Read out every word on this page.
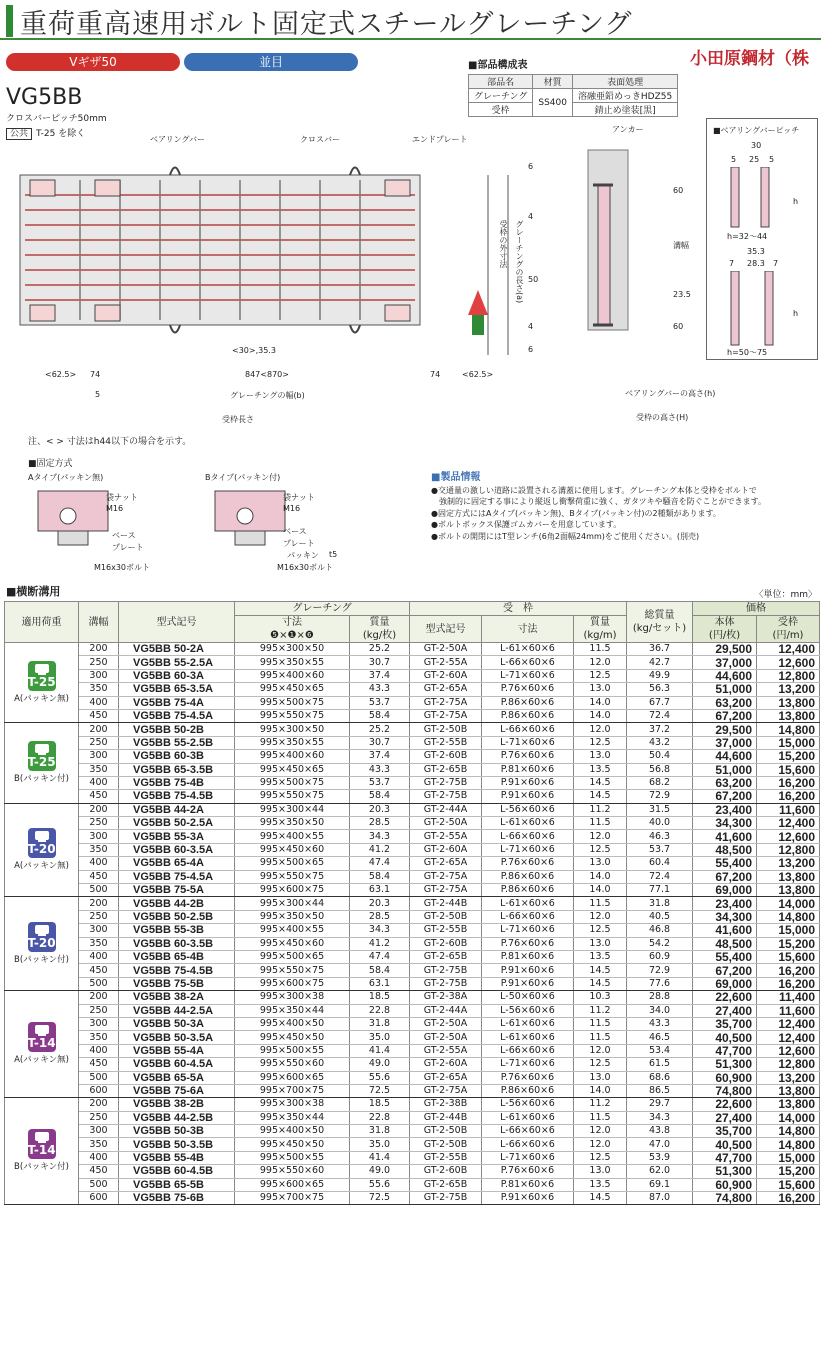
重荷重高速用ボルト固定式スチールグレーチング
Vギザ50	並目	小田原鋼材（株
VG5BB
クロスバーピッチ50mm
公共 T-25 を除く
■部品構成表
部品名	材質	表面処理
グレーチング	SS400	溶融亜鉛めっきHDZ55
受枠		錆止め塗装[黒]
ベアリングバー	クロスバー	エンドプレート
<30>,35.3
<62.5> 74	847<870>	74	<62.5>
5	グレーチングの幅(b)
受枠長さ
アンカー
6
4
50
4
6
60
溝幅
23.5
60
受枠の外寸法 グレーチングの長さ(a)
ベアリングバーの高さ(h)
受枠の高さ(H)
■ベアリングバーピッチ
30
5 25 5
h
h=32〜44
35.3
7 28.3 7
h
h=50〜75
注、< > 寸法はh44以下の場合を示す。
■固定方式
Aタイプ(パッキン無)
袋ナット
M16
ベース
プレート
M16x30ボルト
Bタイプ(パッキン付)
袋ナット
M16
ベース
プレート
パッキン t5
M16x30ボルト
■製品情報
●交通量の激しい道路に設置される溝蓋に使用します。グレーチング本体と受枠をボルトで
　強制的に固定する事により縦返し衝撃荷重に強く、ガタツキや騒音を防ぐことができます。
●固定方式にはAタイプ(パッキン無)、Bタイプ(パッキン付)の2種類があります。
●ボルトボックス保護ゴムカバーを用意しています。
●ボルトの開閉にはT型レンチ(6角2面幅24mm)をご使用ください。(別売)
■横断溝用	〈単位：mm〉
適用荷重	溝幅	型式記号	グレーチング		受　枠			総質量
(kg/セット)	価格	
			寸法
❺×❶×❻	質量
(kg/枚)	型式記号	寸法	質量
(kg/m)		本体
(円/枚)	受枠
(円/m)

T-25
A(パッキン無)	200	VG5BB 50-2A	995×300×50	25.2	GT-2-50A	L-61×60×6	11.5	36.7	29,500	12,400
	250	VG5BB 55-2.5A	995×350×55	30.7	GT-2-55A	L-66×60×6	12.0	42.7	37,000	12,600
	300	VG5BB 60-3A	995×400×60	37.4	GT-2-60A	L-71×60×6	12.5	49.9	44,600	12,800
	350	VG5BB 65-3.5A	995×450×65	43.3	GT-2-65A	P.76×60×6	13.0	56.3	51,000	13,200
	400	VG5BB 75-4A	995×500×75	53.7	GT-2-75A	P.86×60×6	14.0	67.7	63,200	13,800
	450	VG5BB 75-4.5A	995×550×75	58.4	GT-2-75A	P.86×60×6	14.0	72.4	67,200	13,800

T-25
B(パッキン付)	200	VG5BB 50-2B	995×300×50	25.2	GT-2-50B	L-66×60×6	12.0	37.2	29,500	14,800
	250	VG5BB 55-2.5B	995×350×55	30.7	GT-2-55B	L-71×60×6	12.5	43.2	37,000	15,000
	300	VG5BB 60-3B	995×400×60	37.4	GT-2-60B	P.76×60×6	13.0	50.4	44,600	15,200
	350	VG5BB 65-3.5B	995×450×65	43.3	GT-2-65B	P.81×60×6	13.5	56.8	51,000	15,600
	400	VG5BB 75-4B	995×500×75	53.7	GT-2-75B	P.91×60×6	14.5	68.2	63,200	16,200
	450	VG5BB 75-4.5B	995×550×75	58.4	GT-2-75B	P.91×60×6	14.5	72.9	67,200	16,200

T-20
A(パッキン無)	200	VG5BB 44-2A	995×300×44	20.3	GT-2-44A	L-56×60×6	11.2	31.5	23,400	11,600
	250	VG5BB 50-2.5A	995×350×50	28.5	GT-2-50A	L-61×60×6	11.5	40.0	34,300	12,400
	300	VG5BB 55-3A	995×400×55	34.3	GT-2-55A	L-66×60×6	12.0	46.3	41,600	12,600
	350	VG5BB 60-3.5A	995×450×60	41.2	GT-2-60A	L-71×60×6	12.5	53.7	48,500	12,800
	400	VG5BB 65-4A	995×500×65	47.4	GT-2-65A	P.76×60×6	13.0	60.4	55,400	13,200
	450	VG5BB 75-4.5A	995×550×75	58.4	GT-2-75A	P.86×60×6	14.0	72.4	67,200	13,800
	500	VG5BB 75-5A	995×600×75	63.1	GT-2-75A	P.86×60×6	14.0	77.1	69,000	13,800

T-20
B(パッキン付)	200	VG5BB 44-2B	995×300×44	20.3	GT-2-44B	L-61×60×6	11.5	31.8	23,400	14,000
	250	VG5BB 50-2.5B	995×350×50	28.5	GT-2-50B	L-66×60×6	12.0	40.5	34,300	14,800
	300	VG5BB 55-3B	995×400×55	34.3	GT-2-55B	L-71×60×6	12.5	46.8	41,600	15,000
	350	VG5BB 60-3.5B	995×450×60	41.2	GT-2-60B	P.76×60×6	13.0	54.2	48,500	15,200
	400	VG5BB 65-4B	995×500×65	47.4	GT-2-65B	P.81×60×6	13.5	60.9	55,400	15,600
	450	VG5BB 75-4.5B	995×550×75	58.4	GT-2-75B	P.91×60×6	14.5	72.9	67,200	16,200
	500	VG5BB 75-5B	995×600×75	63.1	GT-2-75B	P.91×60×6	14.5	77.6	69,000	16,200

T-14
A(パッキン無)	200	VG5BB 38-2A	995×300×38	18.5	GT-2-38A	L-50×60×6	10.3	28.8	22,600	11,400
	250	VG5BB 44-2.5A	995×350×44	22.8	GT-2-44A	L-56×60×6	11.2	34.0	27,400	11,600
	300	VG5BB 50-3A	995×400×50	31.8	GT-2-50A	L-61×60×6	11.5	43.3	35,700	12,400
	350	VG5BB 50-3.5A	995×450×50	35.0	GT-2-50A	L-61×60×6	11.5	46.5	40,500	12,400
	400	VG5BB 55-4A	995×500×55	41.4	GT-2-55A	L-66×60×6	12.0	53.4	47,700	12,600
	450	VG5BB 60-4.5A	995×550×60	49.0	GT-2-60A	L-71×60×6	12.5	61.5	51,300	12,800
	500	VG5BB 65-5A	995×600×65	55.6	GT-2-65A	P.76×60×6	13.0	68.6	60,900	13,200
	600	VG5BB 75-6A	995×700×75	72.5	GT-2-75A	P.86×60×6	14.0	86.5	74,800	13,800

T-14
B(パッキン付)	200	VG5BB 38-2B	995×300×38	18.5	GT-2-38B	L-56×60×6	11.2	29.7	22,600	13,800
	250	VG5BB 44-2.5B	995×350×44	22.8	GT-2-44B	L-61×60×6	11.5	34.3	27,400	14,000
	300	VG5BB 50-3B	995×400×50	31.8	GT-2-50B	L-66×60×6	12.0	43.8	35,700	14,800
	350	VG5BB 50-3.5B	995×450×50	35.0	GT-2-50B	L-66×60×6	12.0	47.0	40,500	14,800
	400	VG5BB 55-4B	995×500×55	41.4	GT-2-55B	L-71×60×6	12.5	53.9	47,700	15,000
	450	VG5BB 60-4.5B	995×550×60	49.0	GT-2-60B	P.76×60×6	13.0	62.0	51,300	15,200
	500	VG5BB 65-5B	995×600×65	55.6	GT-2-65B	P.81×60×6	13.5	69.1	60,900	15,600
	600	VG5BB 75-6B	995×700×75	72.5	GT-2-75B	P.91×60×6	14.5	87.0	74,800	16,200
